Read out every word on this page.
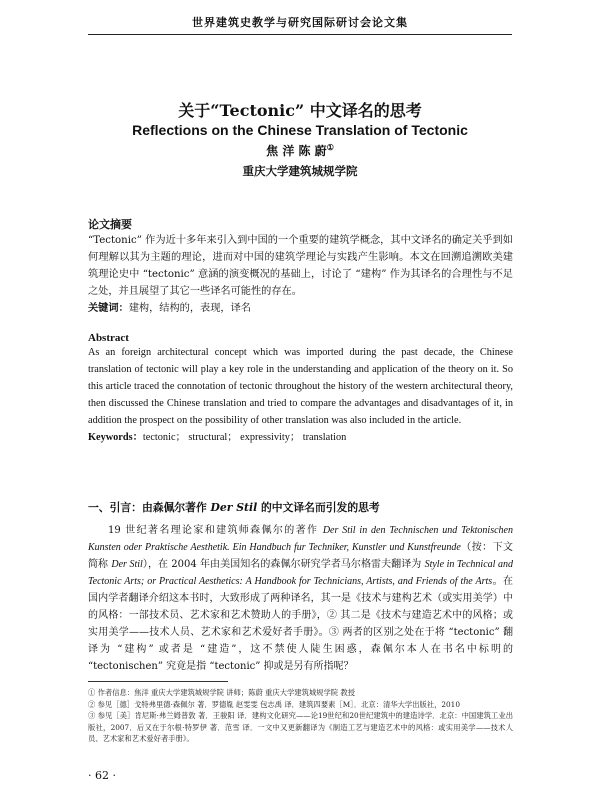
世界建筑史教学与研究国际研讨会论文集
关于“Tectonic” 中文译名的思考
Reflections on the Chinese Translation of Tectonic
焦 洋 陈 蔚①
重庆大学建筑城规学院
论文摘要
“Tectonic” 作为近十多年来引入到中国的一个重要的建筑学概念，其中文译名的确定关乎到如何理解以其为主题的理论，进而对中国的建筑学理论与实践产生影响。本文在回溯追溯欧美建筑理论史中 “tectonic” 意涵的演变概况的基础上，讨论了 “建构” 作为其译名的合理性与不足之处，并且展望了其它一些译名可能性的存在。
关键词：建构，结构的，表现，译名
Abstract
As an foreign architectural concept which was imported during the past decade, the Chinese translation of tectonic will play a key role in the understanding and application of the theory on it. So this article traced the connotation of tectonic throughout the history of the western architectural theory, then discussed the Chinese translation and tried to compare the advantages and disadvantages of it, in addition the prospect on the possibility of other translation was also included in the article.
Keywords：tectonic； structural； expressivity； translation
一、引言：由森佩尔著作 Der Stil 的中文译名而引发的思考
19 世纪著名理论家和建筑师森佩尔的著作 Der Stil in den Technischen und Tektonischen Kunsten oder Praktische Aesthetik. Ein Handbuch fur Techniker, Kunstler und Kunstfreunde（按：下文简称 Der Stil），在 2004 年由美国知名的森佩尔研究学者马尔格雷夫翻译为 Style in Technical and Tectonic Arts; or Practical Aesthetics: A Handbook for Technicians, Artists, and Friends of the Arts。在国内学者翻译介绍这本书时，大致形成了两种译名，其一是《技术与建构艺术（或实用美学）中的风格：一部技术员、艺术家和艺术赞助人的手册》，② 其二是《技术与建造艺术中的风格；或实用美学——技术人员、艺术家和艺术爱好者手册》。③ 两者的区别之处在于将 “tectonic” 翻译为 “建构” 或者是 “建造”，这不禁使人陡生困惑，森佩尔本人在书名中标明的 “tectonischen” 究竟是指 “tectonic” 抑或是另有所指呢？

① 作者信息：焦洋 重庆大学建筑城规学院 讲师；陈蔚 重庆大学建筑城规学院 教授

② 参见［德］戈特弗里德·森佩尔 著．罗德胤 赵雯雯 包志禹 译．建筑四要素［M］．北京：清华大学出版社，2010

③ 参见［美］肯尼斯·弗兰姆普敦 著．王骏阳 译．建构文化研究——论19世纪和20世纪建筑中的建造诗学．北京：中国建筑工业出版社，2007．后又在于尔根·特罗伊 著．范雪 译．一文中又更新翻译为《制造工艺与建造艺术中的风格：或实用美学——技术人员、艺术家和艺术爱好者手册》。

· 62 ·
